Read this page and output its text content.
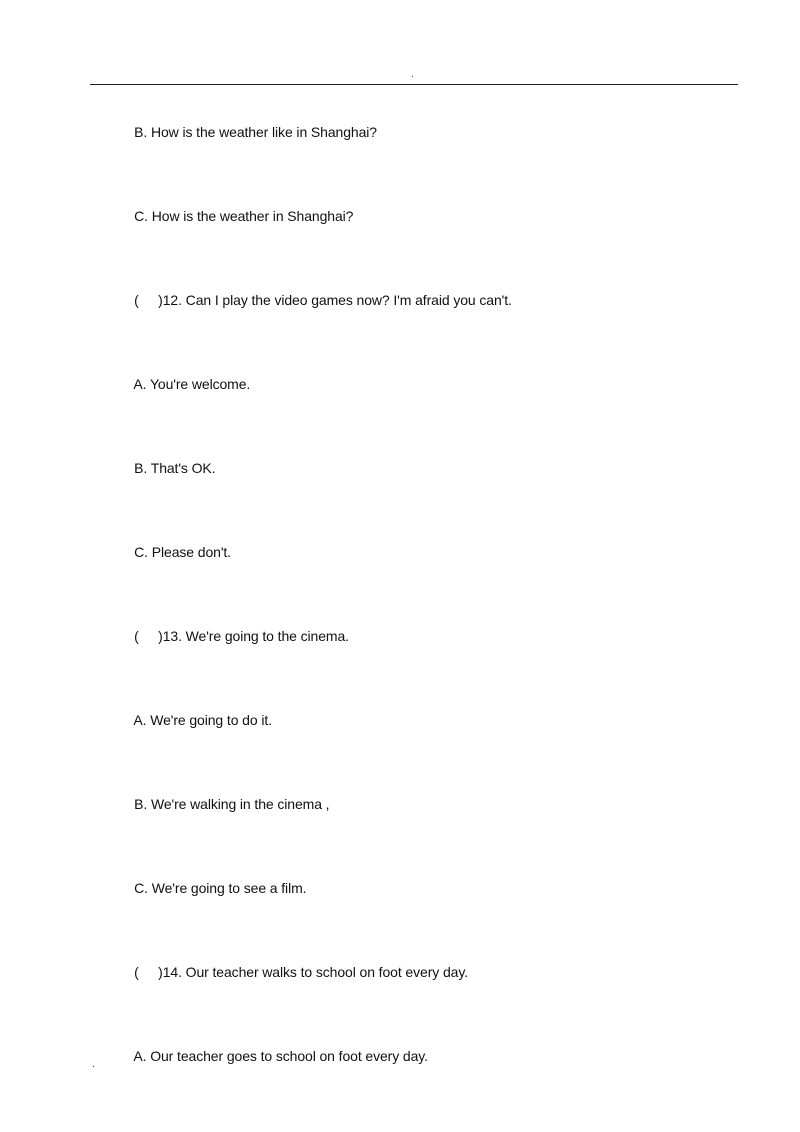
.

B. How is the weather like in Shanghai?

C. How is the weather in Shanghai?

( )12. Can I play the video games now? I'm afraid you can't.

A. You're welcome.

B. That's OK.

C. Please don't.

( )13. We're going to the cinema.

A. We're going to do it.

B. We're walking in the cinema ,

C. We're going to see a film.

( )14. Our teacher walks to school on foot every day.

A. Our teacher goes to school on foot every day.

.
